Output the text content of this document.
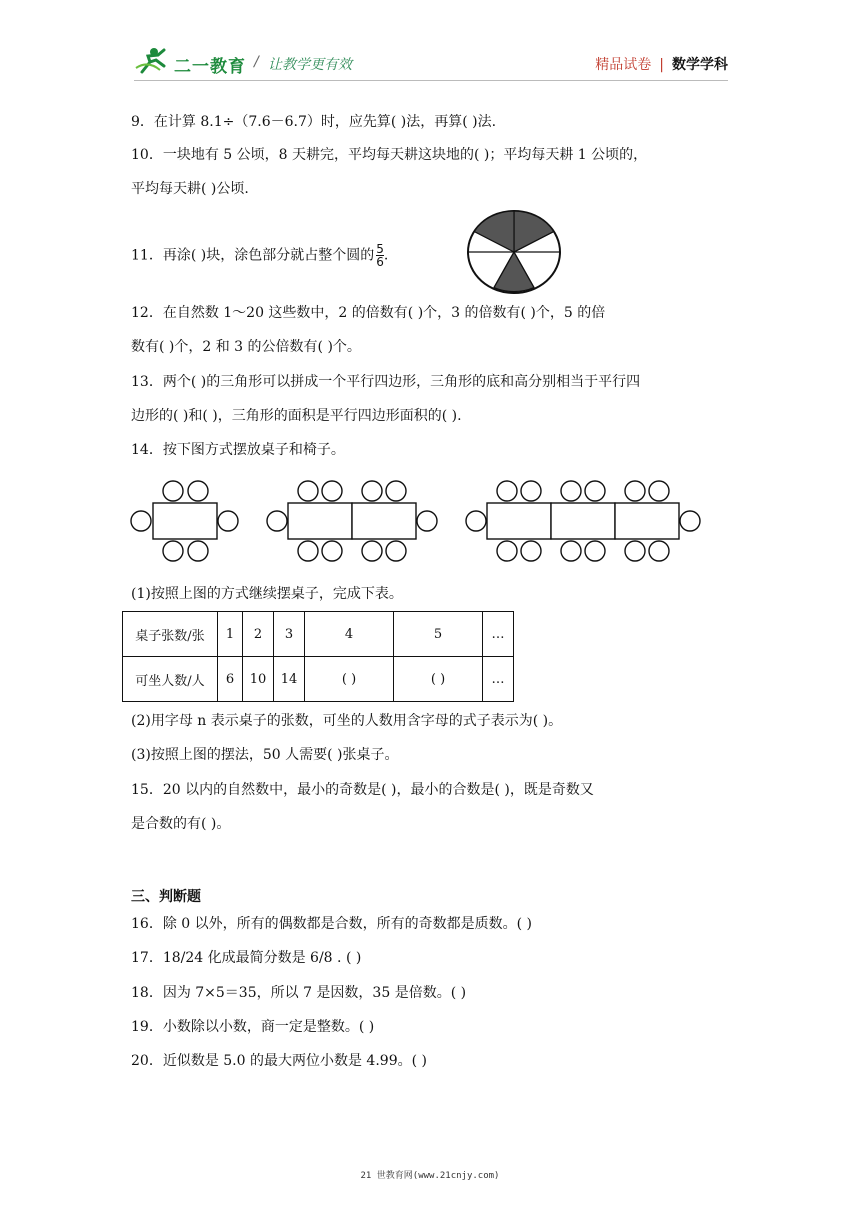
二一教育 / 让教学更有效	精品试卷 | 数学学科
9．在计算 8.1÷（7.6－6.7）时，应先算( )法，再算( )法.
10．一块地有 5 公顷，8 天耕完，平均每天耕这块地的( )；平均每天耕 1 公顷的，
平均每天耕( )公顷.
11．再涂( )块，涂色部分就占整个圆的 $\frac{5}{6}$ .
12．在自然数 1～20 这些数中，2 的倍数有( )个，3 的倍数有( )个，5 的倍
数有( )个，2 和 3 的公倍数有( )个。
13．两个( )的三角形可以拼成一个平行四边形，三角形的底和高分别相当于平行四
边形的( )和( )，三角形的面积是平行四边形面积的( ).
14．按下图方式摆放桌子和椅子。
(1)按照上图的方式继续摆桌子，完成下表。
桌子张数/张	1	2	3	4	5	…
可坐人数/人	6	10	14	( )	( )	…
(2)用字母 n 表示桌子的张数，可坐的人数用含字母的式子表示为( )。
(3)按照上图的摆法，50 人需要( )张桌子。
15．20 以内的自然数中，最小的奇数是( )，最小的合数是( )，既是奇数又
是合数的有( )。
三、判断题
16．除 0 以外，所有的偶数都是合数，所有的奇数都是质数。( )
17．18/24 化成最简分数是 6/8 . ( )
18．因为 7×5＝35，所以 7 是因数，35 是倍数。( )
19．小数除以小数，商一定是整数。( )
20．近似数是 5.0 的最大两位小数是 4.99。( )
21 世教育网(www.21cnjy.com)
